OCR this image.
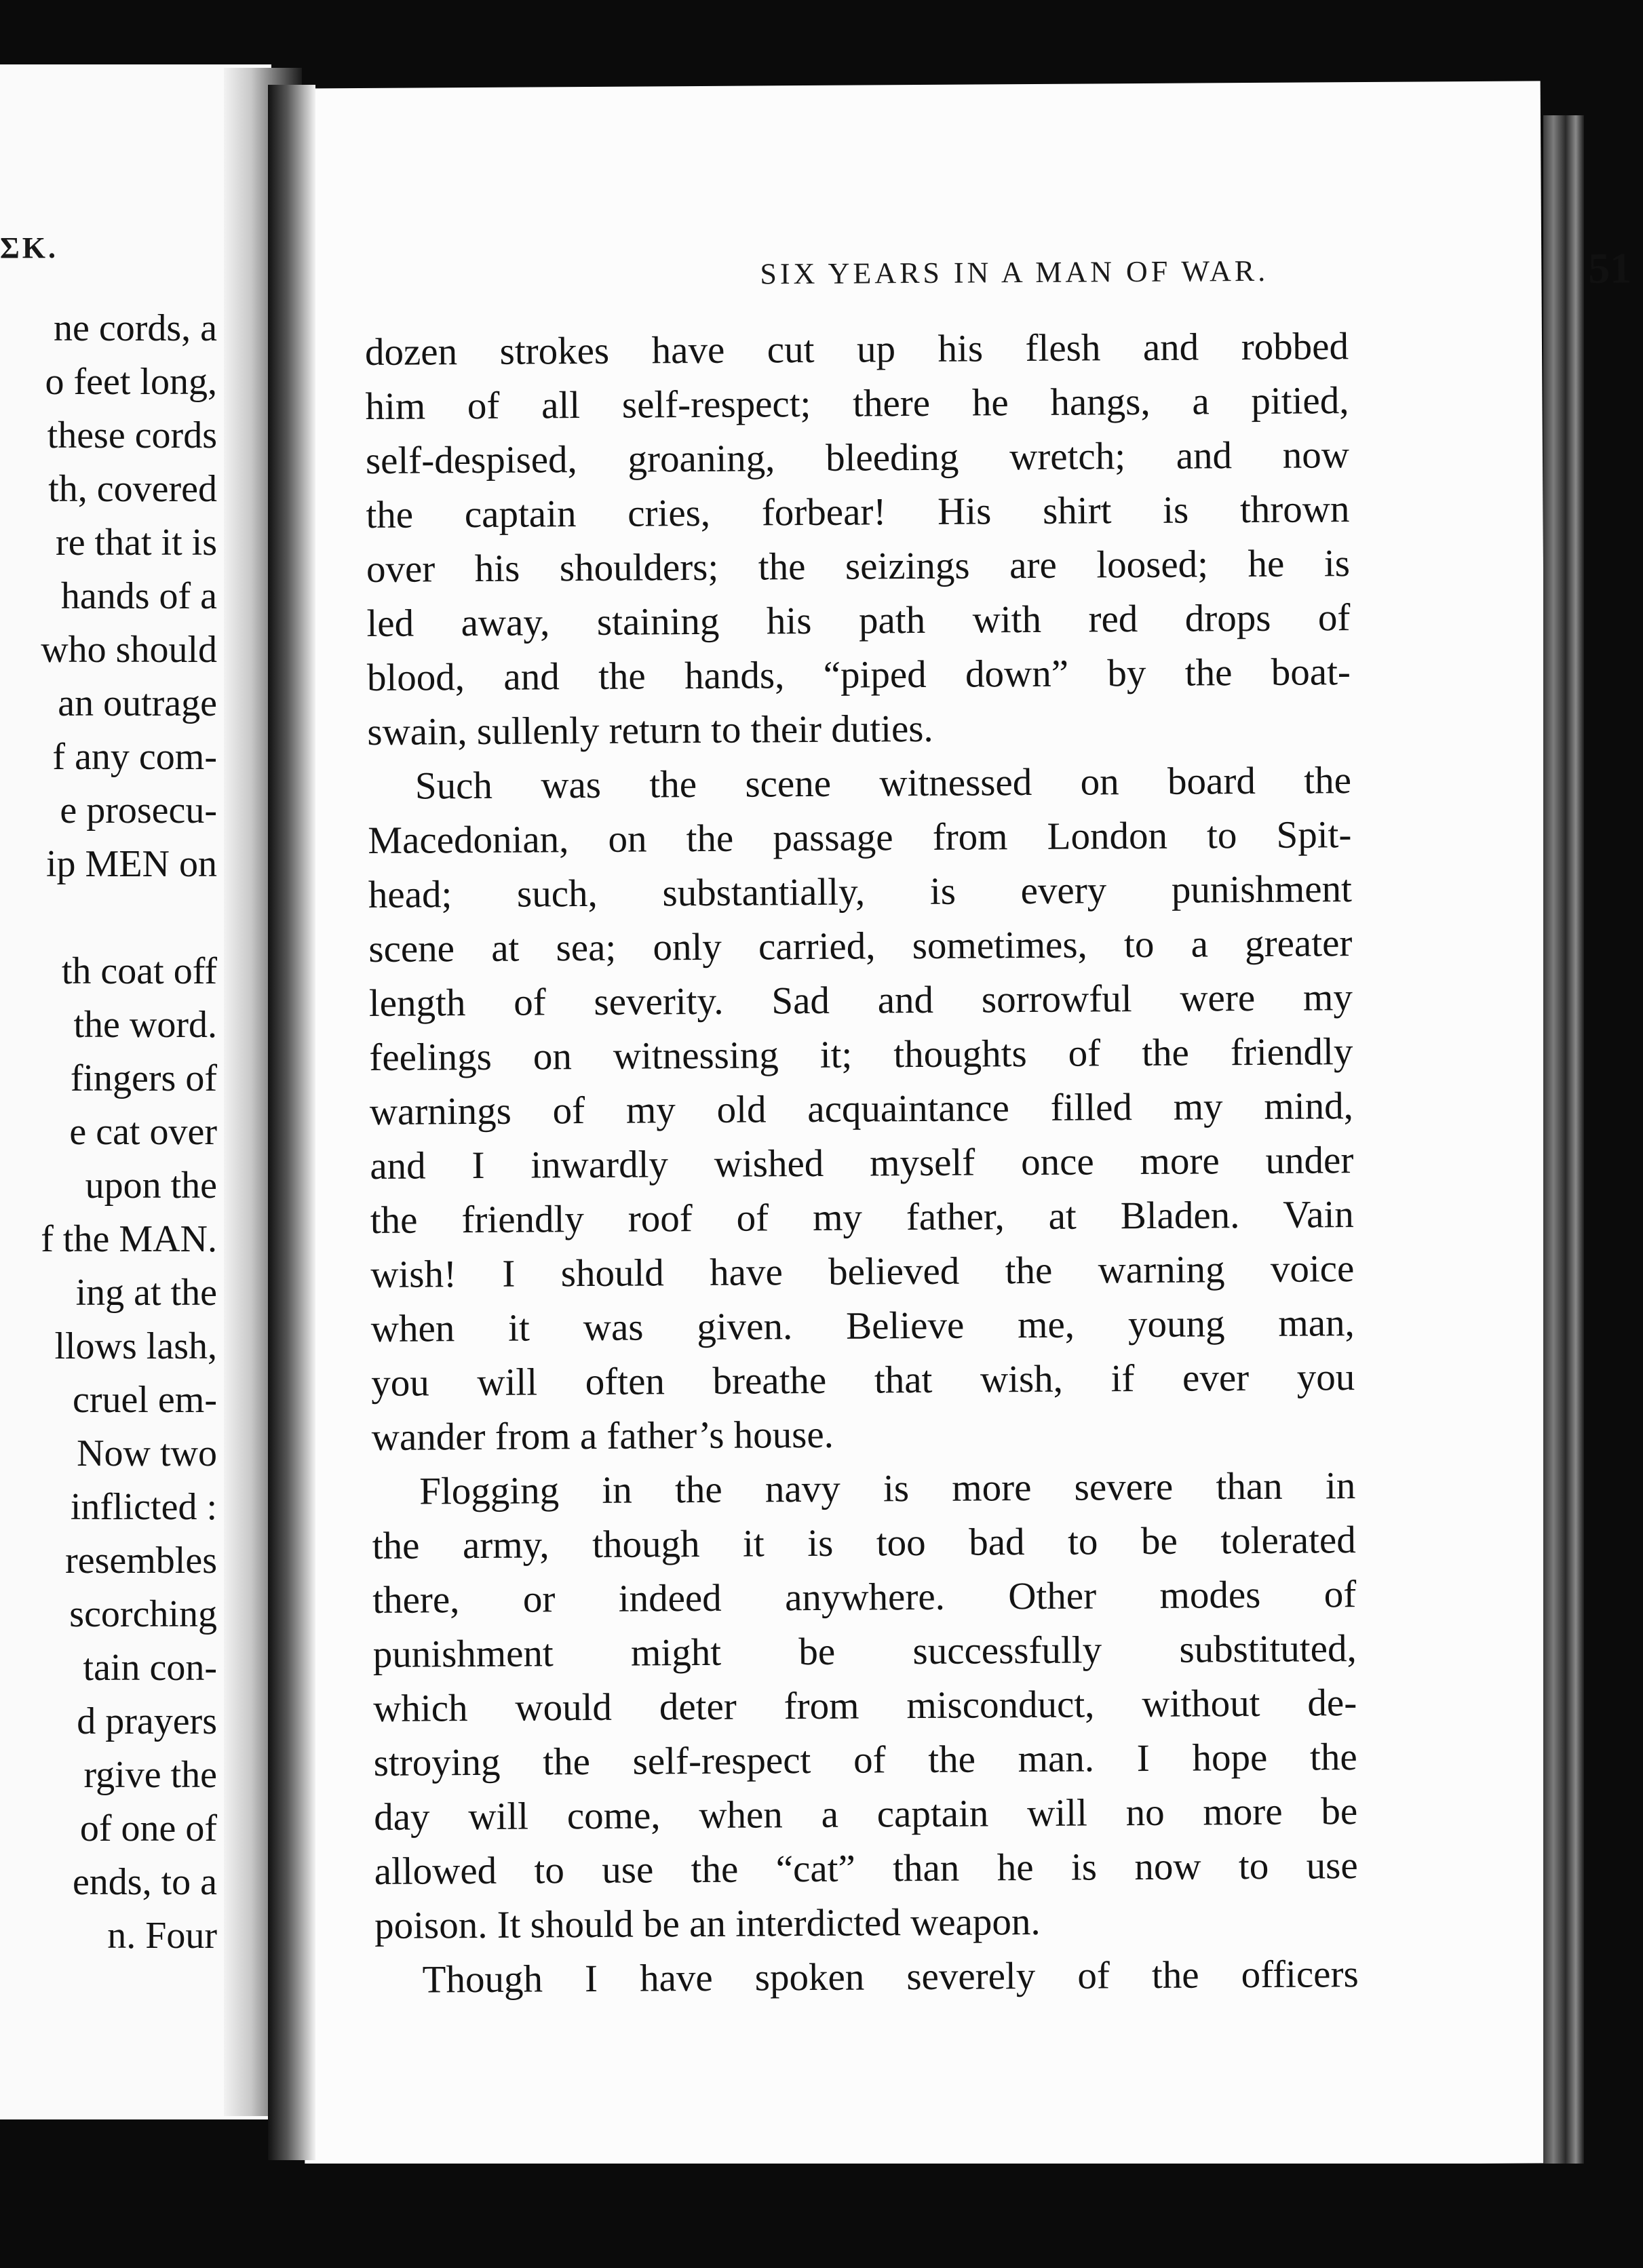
ΣK.
ne cords, a
o feet long,
these cords
th, covered
re that it is
hands of a
who should
an outrage
f any com-
e prosecu-
ip MEN on
th coat off
the word.
fingers of
e cat over
upon the
f the MAN.
ing at the
llows lash,
cruel em-
Now two
inflicted :
resembles
scorching
tain con-
d prayers
rgive the
of one of
ends, to a
n. Four
SIX YEARS IN A MAN OF WAR.	51
dozen strokes have cut up his flesh and robbed
him of all self-respect; there he hangs, a pitied,
self-despised, groaning, bleeding wretch; and now
the captain cries, forbear! His shirt is thrown
over his shoulders; the seizings are loosed; he is
led away, staining his path with red drops of
blood, and the hands, “piped down” by the boat-
swain, sullenly return to their duties.
Such was the scene witnessed on board the
Macedonian, on the passage from London to Spit-
head; such, substantially, is every punishment
scene at sea; only carried, sometimes, to a greater
length of severity. Sad and sorrowful were my
feelings on witnessing it; thoughts of the friendly
warnings of my old acquaintance filled my mind,
and I inwardly wished myself once more under
the friendly roof of my father, at Bladen. Vain
wish! I should have believed the warning voice
when it was given. Believe me, young man,
you will often breathe that wish, if ever you
wander from a father’s house.
Flogging in the navy is more severe than in
the army, though it is too bad to be tolerated
there, or indeed anywhere. Other modes of
punishment might be successfully substituted,
which would deter from misconduct, without de-
stroying the self-respect of the man. I hope the
day will come, when a captain will no more be
allowed to use the “cat” than he is now to use
poison. It should be an interdicted weapon.
Though I have spoken severely of the officers
